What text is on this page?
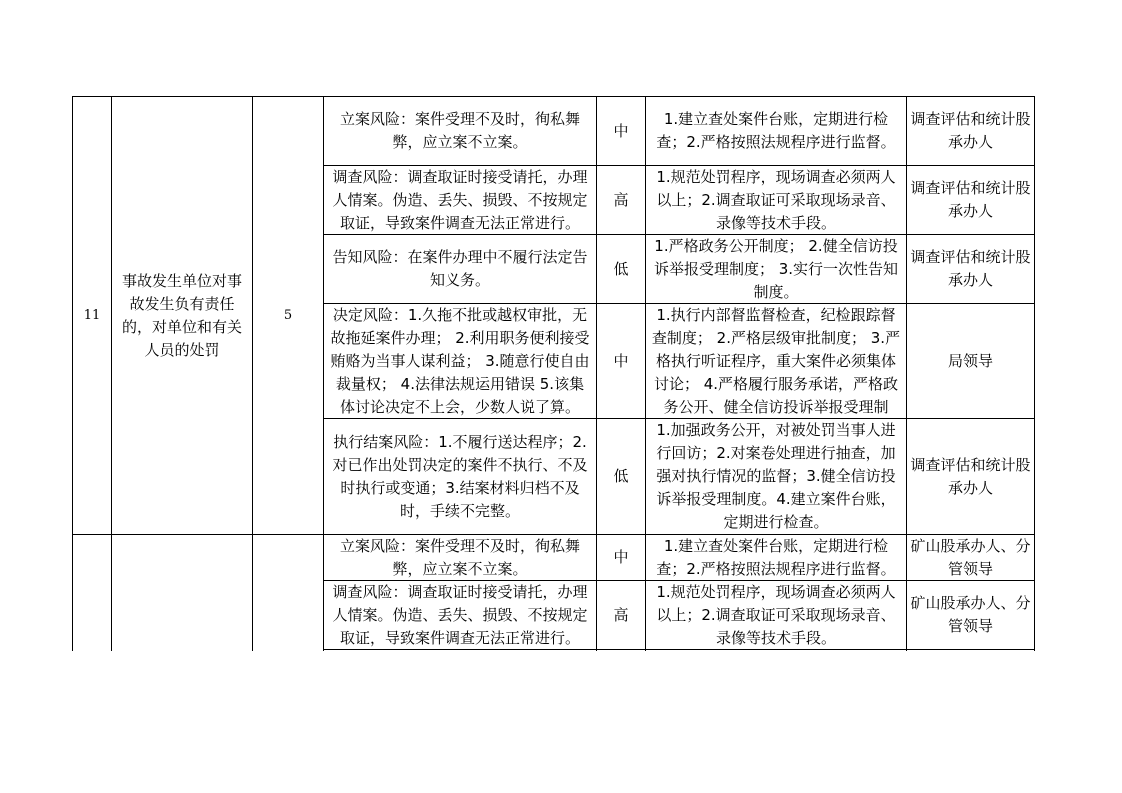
11
事故发生单位对事故发生负有责任的，对单位和有关人员的处罚
5
立案风险：案件受理不及时，徇私舞弊，应立案不立案。
中
1.建立查处案件台账，定期进行检查；2.严格按照法规程序进行监督。
调查评估和统计股承办人
调查风险：调查取证时接受请托，办理人情案。伪造、丢失、损毁、不按规定取证，导致案件调查无法正常进行。
高
1.规范处罚程序，现场调查必须两人以上；2.调查取证可采取现场录音、录像等技术手段。
调查评估和统计股承办人
告知风险：在案件办理中不履行法定告知义务。
低
1.严格政务公开制度； 2.健全信访投诉举报受理制度； 3.实行一次性告知制度。
调查评估和统计股承办人
决定风险：1.久拖不批或越权审批，无故拖延案件办理； 2.利用职务便利接受贿赂为当事人谋利益； 3.随意行使自由裁量权； 4.法律法规运用错误 5.该集体讨论决定不上会，少数人说了算。
中
1.执行内部督监督检查，纪检跟踪督查制度； 2.严格层级审批制度； 3.严格执行听证程序，重大案件必须集体讨论； 4.严格履行服务承诺，严格政务公开、健全信访投诉举报受理制
局领导
执行结案风险：1.不履行送达程序；2.对已作出处罚决定的案件不执行、不及时执行或变通；3.结案材料归档不及时，手续不完整。
低
1.加强政务公开，对被处罚当事人进行回访；2.对案卷处理进行抽查，加强对执行情况的监督；3.健全信访投诉举报受理制度。4.建立案件台账，定期进行检查。
调查评估和统计股承办人
立案风险：案件受理不及时，徇私舞弊，应立案不立案。
中
1.建立查处案件台账，定期进行检查；2.严格按照法规程序进行监督。
矿山股承办人、分管领导
调查风险：调查取证时接受请托，办理人情案。伪造、丢失、损毁、不按规定取证，导致案件调查无法正常进行。
高
1.规范处罚程序，现场调查必须两人以上；2.调查取证可采取现场录音、录像等技术手段。
矿山股承办人、分管领导
